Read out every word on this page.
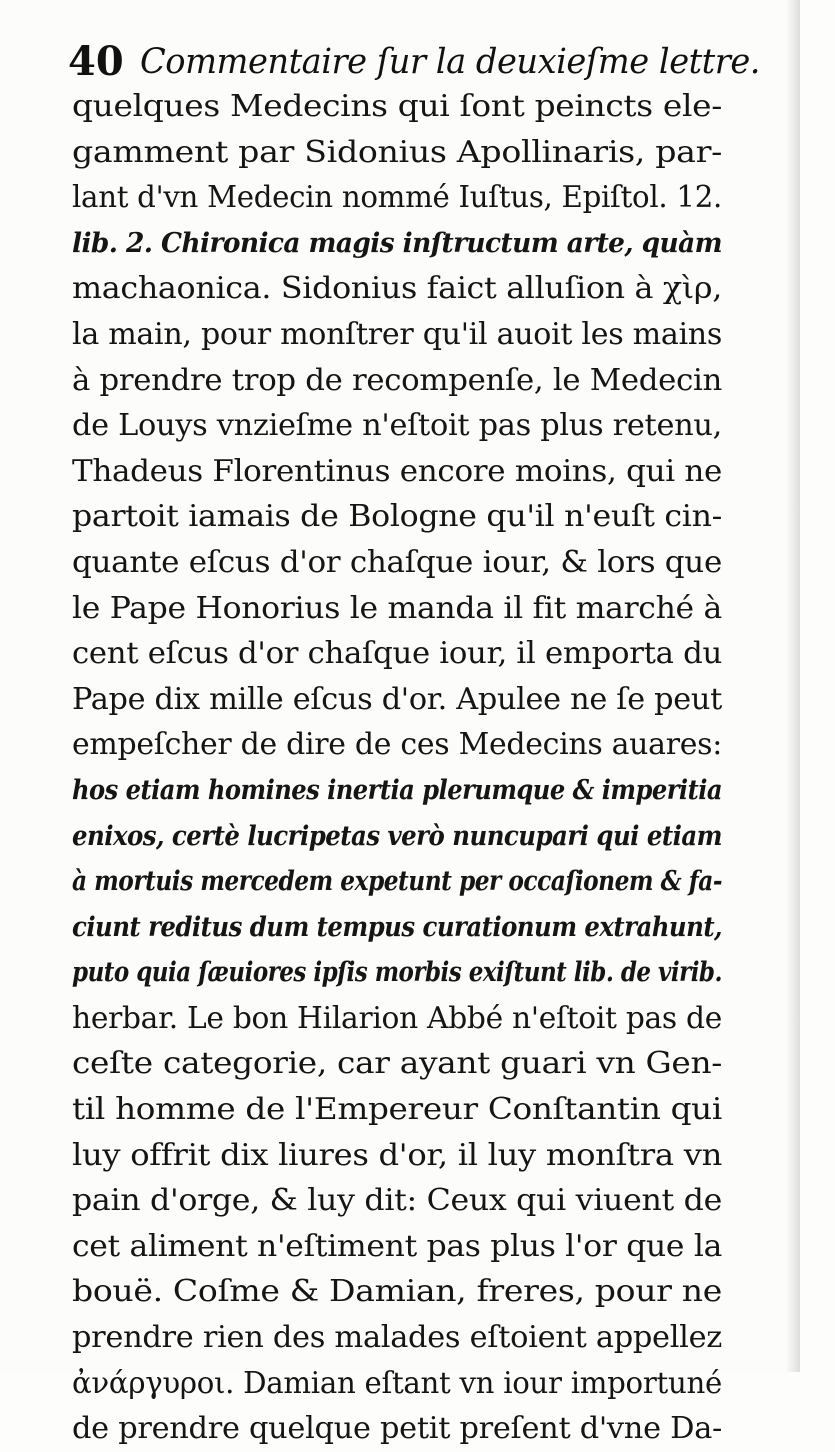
40 Commentaire ſur la deuxieſme lettre.
quelques Medecins qui ſont peincts ele-
gamment par Sidonius Apollinaris, par-
lant d'vn Medecin nommé Iuſtus, Epiſtol. 12.
lib. 2. Chironica magis inſtructum arte, quàm
machaonica. Sidonius faict alluſion à χὶρ,
la main, pour monſtrer qu'il auoit les mains
à prendre trop de recompenſe, le Medecin
de Louys vnzieſme n'eſtoit pas plus retenu,
Thadeus Florentinus encore moins, qui ne
partoit iamais de Bologne qu'il n'euſt cin-
quante eſcus d'or chaſque iour, & lors que
le Pape Honorius le manda il fit marché à
cent eſcus d'or chaſque iour, il emporta du
Pape dix mille eſcus d'or. Apulee ne ſe peut
empeſcher de dire de ces Medecins auares:
hos etiam homines inertia plerumque & imperitia
enixos, certè lucripetas verò nuncupari qui etiam
à mortuis mercedem expetunt per occaſionem & fa-
ciunt reditus dum tempus curationum extrahunt,
puto quia ſæuiores ipſis morbis exiſtunt lib. de virib.
herbar. Le bon Hilarion Abbé n'eſtoit pas de
ceſte categorie, car ayant guari vn Gen-
til homme de l'Empereur Conſtantin qui
luy offrit dix liures d'or, il luy monſtra vn
pain d'orge, & luy dit: Ceux qui viuent de
cet aliment n'eſtiment pas plus l'or que la
bouë. Coſme & Damian, freres, pour ne
prendre rien des malades eſtoient appellez
ἀνάργυροι. Damian eſtant vn iour importuné
de prendre quelque petit preſent d'vne Da-
